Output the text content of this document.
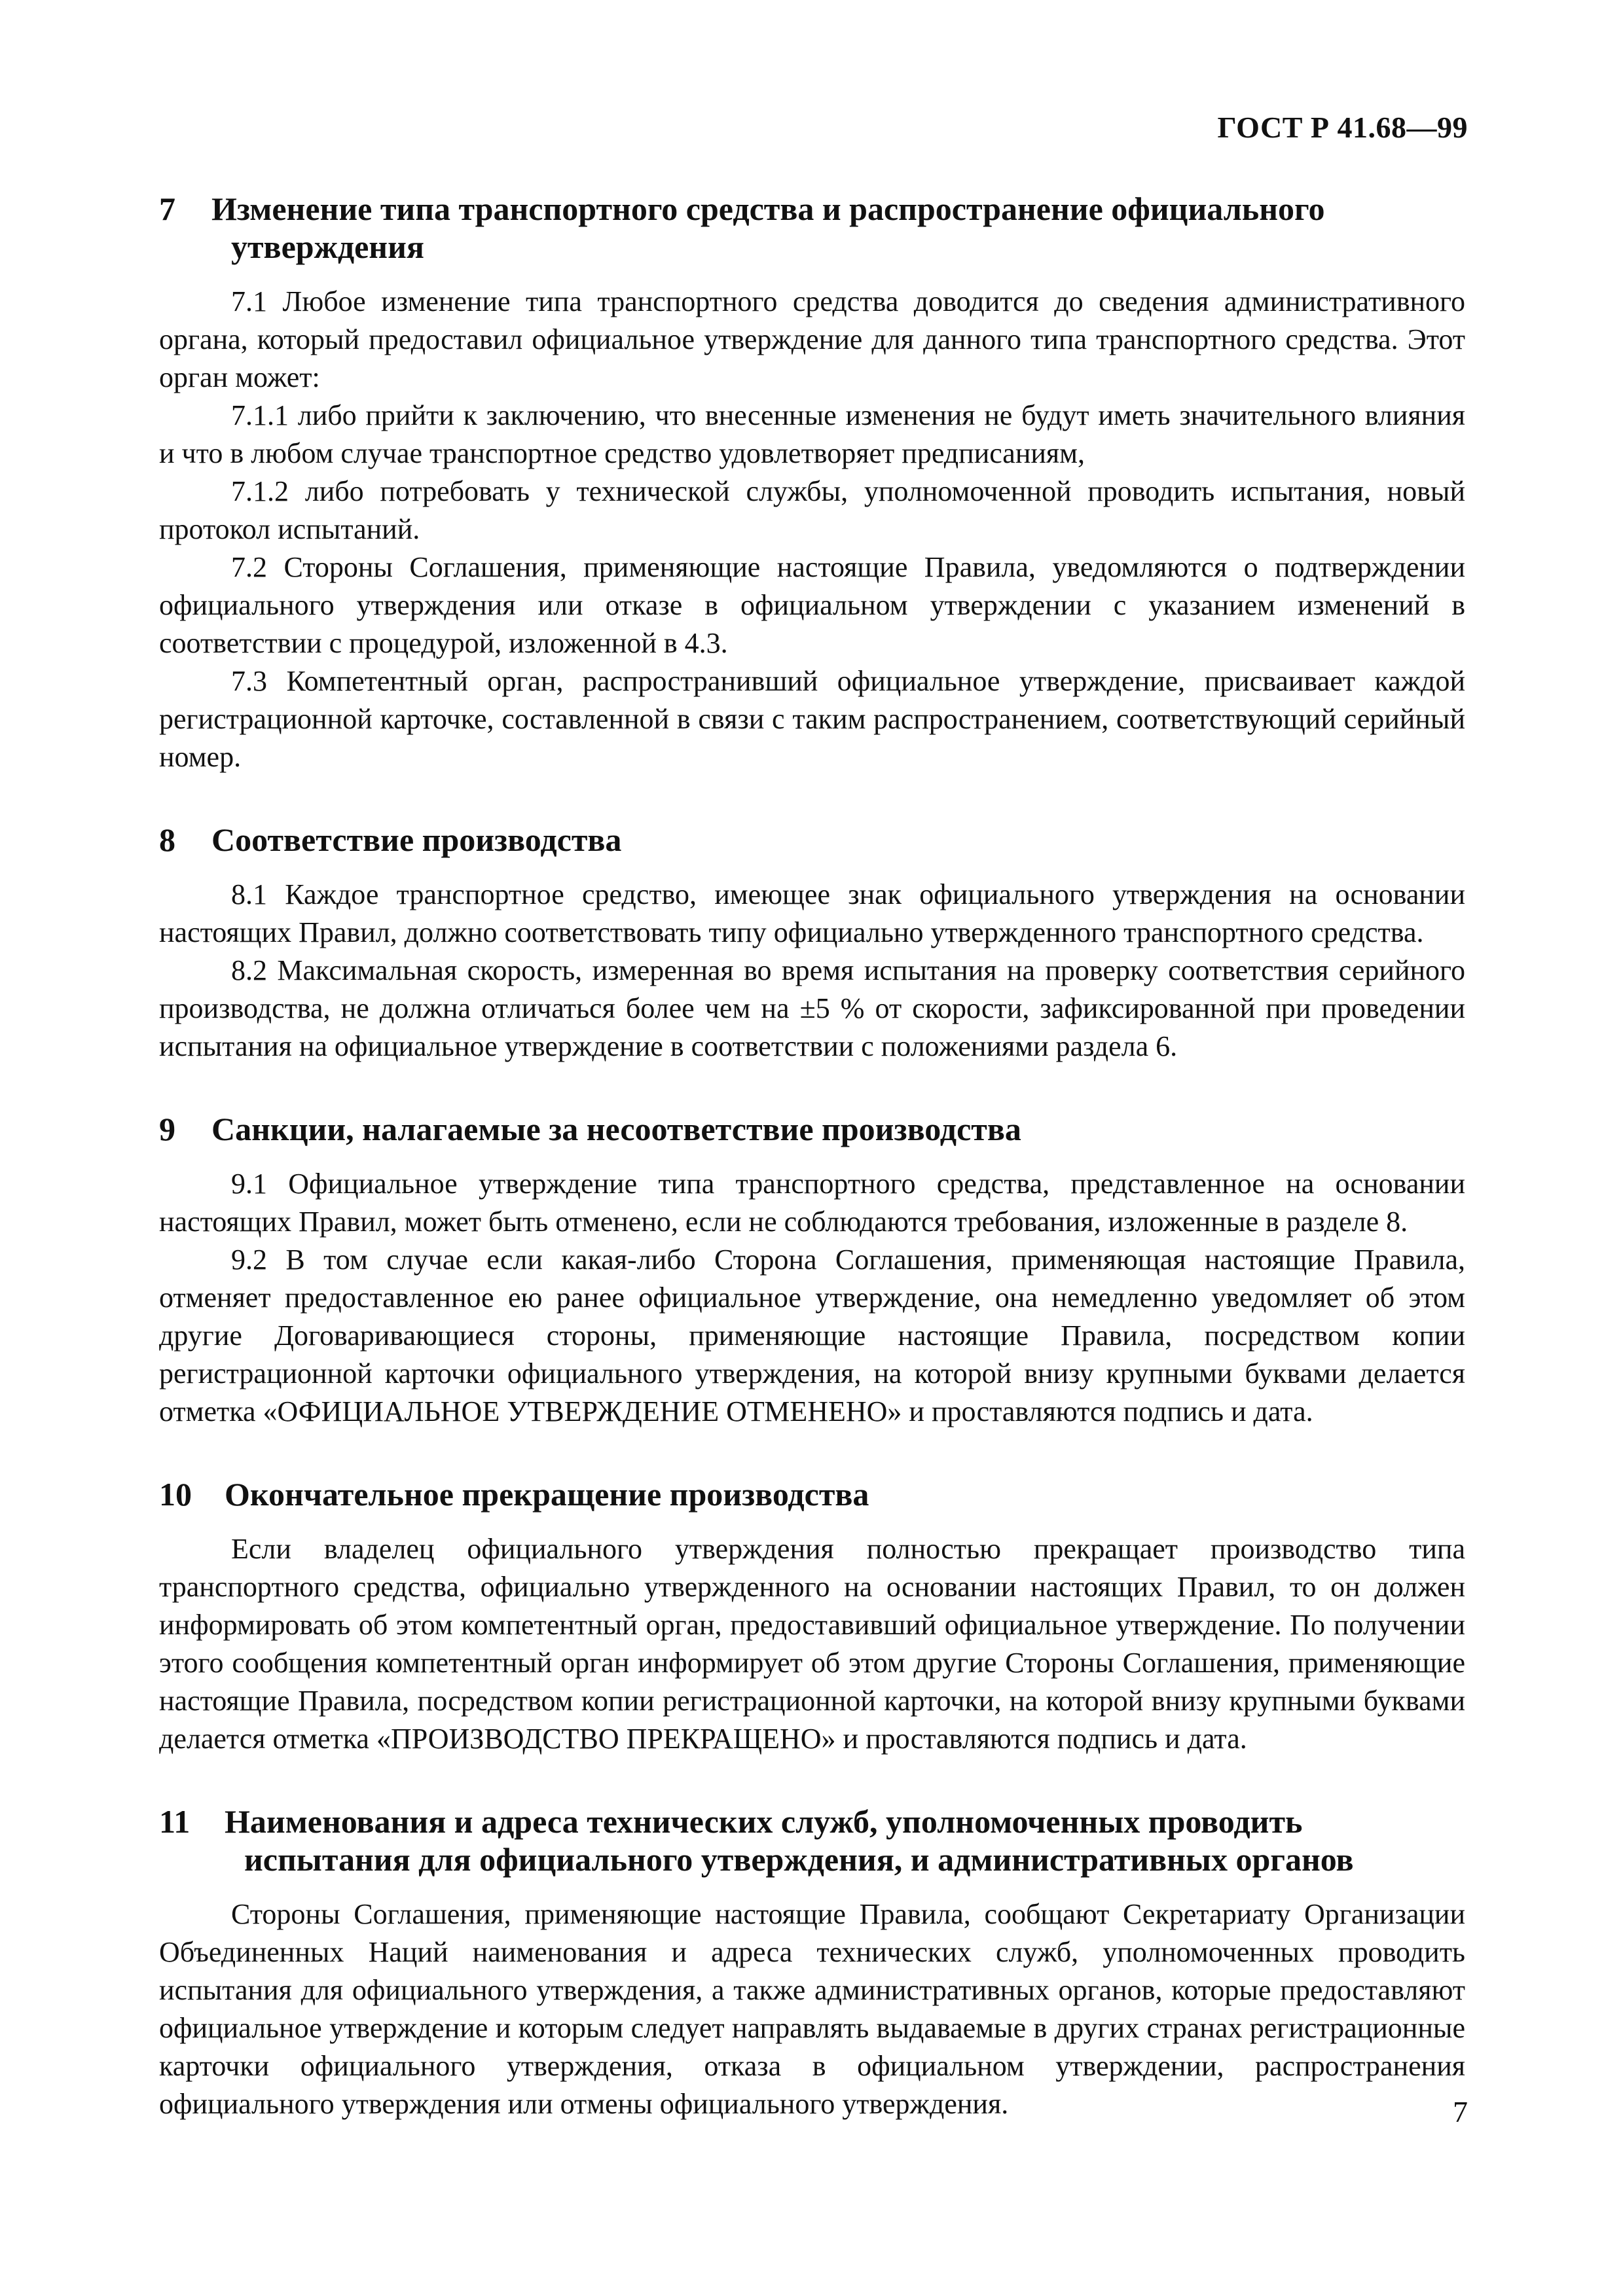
ГОСТ Р 41.68—99
7 Изменение типа транспортного средства и распространение официального утверждения

7.1 Любое изменение типа транспортного средства доводится до сведения административного органа, который предоставил официальное утверждение для данного типа транспортного средства. Этот орган может:

7.1.1 либо прийти к заключению, что внесенные изменения не будут иметь значительного влияния и что в любом случае транспортное средство удовлетворяет предписаниям,

7.1.2 либо потребовать у технической службы, уполномоченной проводить испытания, новый протокол испытаний.

7.2 Стороны Соглашения, применяющие настоящие Правила, уведомляются о подтверждении официального утверждения или отказе в официальном утверждении с указанием изменений в соответствии с процедурой, изложенной в 4.3.

7.3 Компетентный орган, распространивший официальное утверждение, присваивает каждой регистрационной карточке, составленной в связи с таким распространением, соответствующий серийный номер.

8 Соответствие производства

8.1 Каждое транспортное средство, имеющее знак официального утверждения на основании настоящих Правил, должно соответствовать типу официально утвержденного транспортного средства.

8.2 Максимальная скорость, измеренная во время испытания на проверку соответствия серийного производства, не должна отличаться более чем на ±5 % от скорости, зафиксированной при проведении испытания на официальное утверждение в соответствии с положениями раздела 6.

9 Санкции, налагаемые за несоответствие производства

9.1 Официальное утверждение типа транспортного средства, представленное на основании настоящих Правил, может быть отменено, если не соблюдаются требования, изложенные в разделе 8.

9.2 В том случае если какая-либо Сторона Соглашения, применяющая настоящие Правила, отменяет предоставленное ею ранее официальное утверждение, она немедленно уведомляет об этом другие Договаривающиеся стороны, применяющие настоящие Правила, посредством копии регистрационной карточки официального утверждения, на которой внизу крупными буквами делается отметка «ОФИЦИАЛЬНОЕ УТВЕРЖДЕНИЕ ОТМЕНЕНО» и проставляются подпись и дата.

10 Окончательное прекращение производства

Если владелец официального утверждения полностью прекращает производство типа транспортного средства, официально утвержденного на основании настоящих Правил, то он должен информировать об этом компетентный орган, предоставивший официальное утверждение. По получении этого сообщения компетентный орган информирует об этом другие Стороны Соглашения, применяющие настоящие Правила, посредством копии регистрационной карточки, на которой внизу крупными буквами делается отметка «ПРОИЗВОДСТВО ПРЕКРАЩЕНО» и проставляются подпись и дата.

11 Наименования и адреса технических служб, уполномоченных проводить испытания для официального утверждения, и административных органов

Стороны Соглашения, применяющие настоящие Правила, сообщают Секретариату Организации Объединенных Наций наименования и адреса технических служб, уполномоченных проводить испытания для официального утверждения, а также административных органов, которые предоставляют официальное утверждение и которым следует направлять выдаваемые в других странах регистрационные карточки официального утверждения, отказа в официальном утверждении, распространения официального утверждения или отмены официального утверждения.	7
